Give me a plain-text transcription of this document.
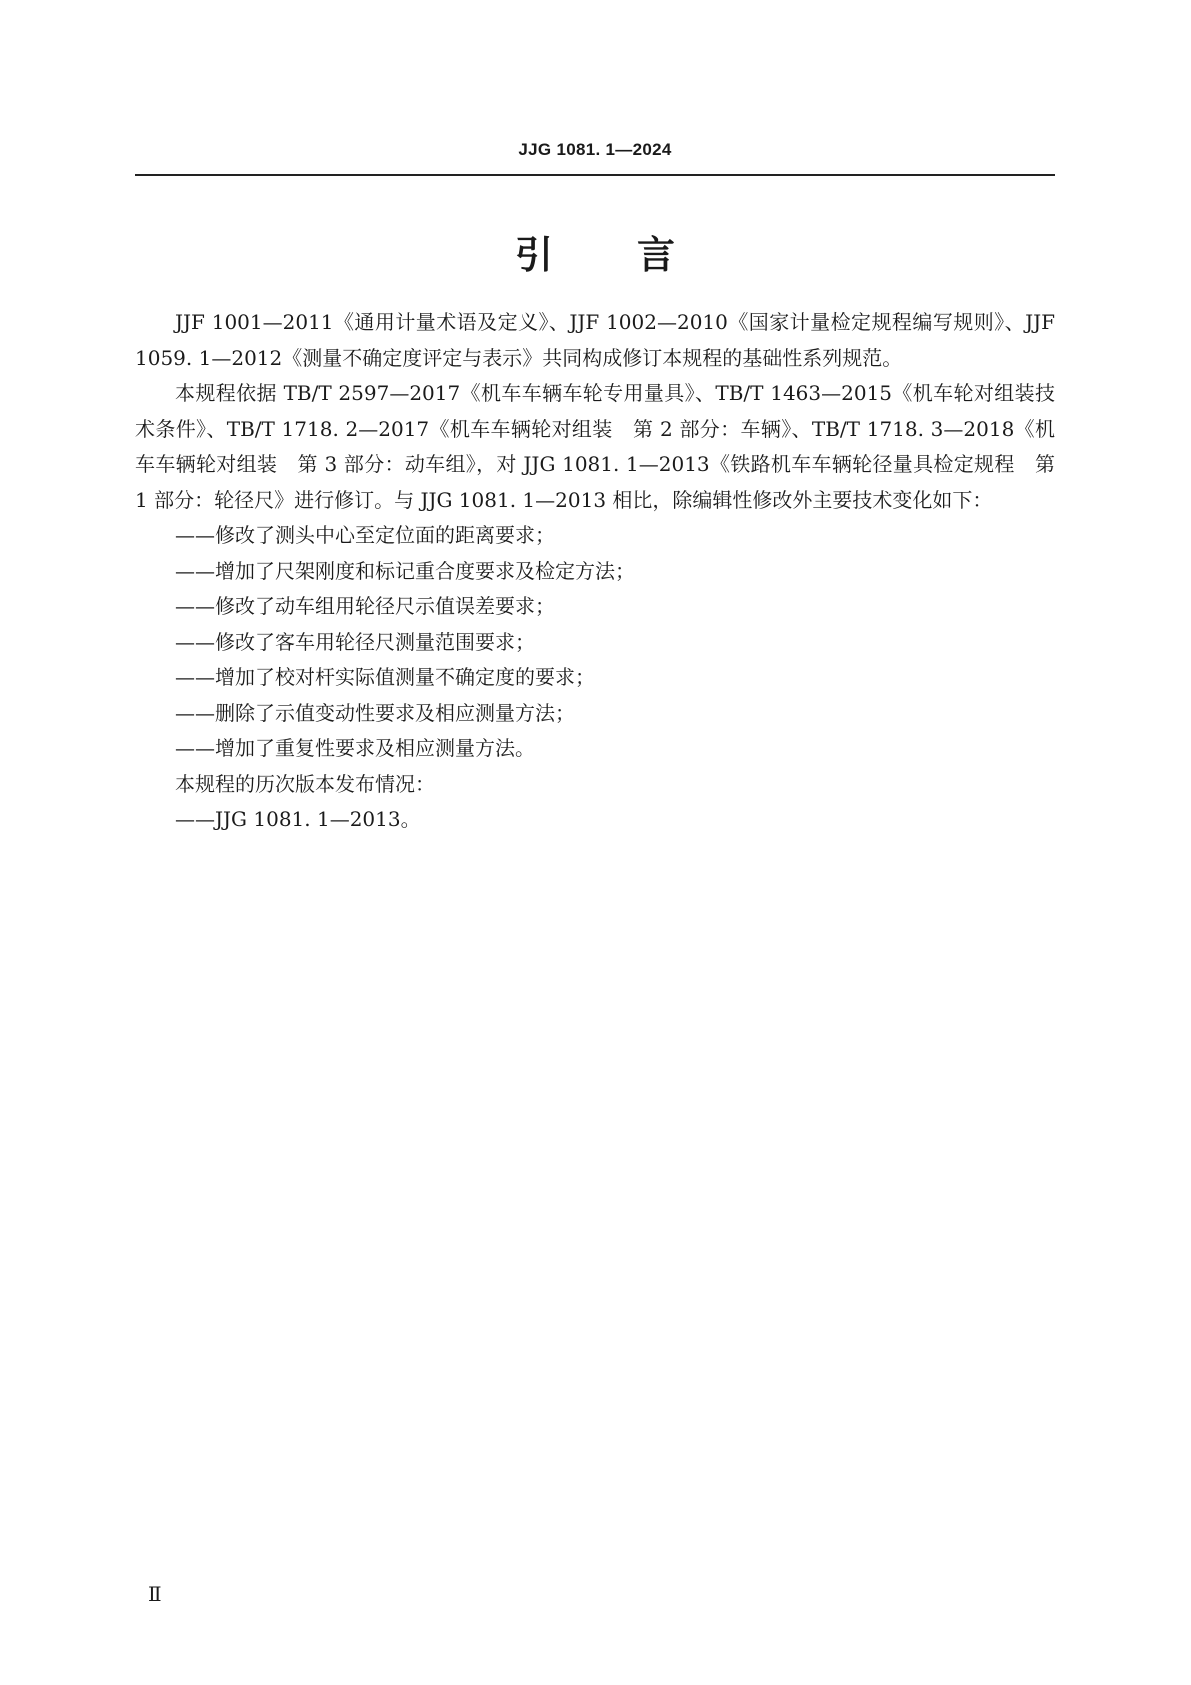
JJG 1081. 1—2024
引 言

JJF 1001—2011《通用计量术语及定义》、JJF 1002—2010《国家计量检定规程编写规则》、JJF 1059. 1—2012《测量不确定度评定与表示》共同构成修订本规程的基础性系列规范。

本规程依据 TB/T 2597—2017《机车车辆车轮专用量具》、TB/T 1463—2015《机车轮对组装技术条件》、TB/T 1718. 2—2017《机车车辆轮对组装　第 2 部分：车辆》、TB/T 1718. 3—2018《机车车辆轮对组装　第 3 部分：动车组》，对 JJG 1081. 1—2013《铁路机车车辆轮径量具检定规程　第 1 部分：轮径尺》进行修订。与 JJG 1081. 1—2013 相比，除编辑性修改外主要技术变化如下：

——修改了测头中心至定位面的距离要求；

——增加了尺架刚度和标记重合度要求及检定方法；

——修改了动车组用轮径尺示值误差要求；

——修改了客车用轮径尺测量范围要求；

——增加了校对杆实际值测量不确定度的要求；

——删除了示值变动性要求及相应测量方法；

——增加了重复性要求及相应测量方法。

本规程的历次版本发布情况：

——JJG 1081. 1—2013。

Ⅱ
